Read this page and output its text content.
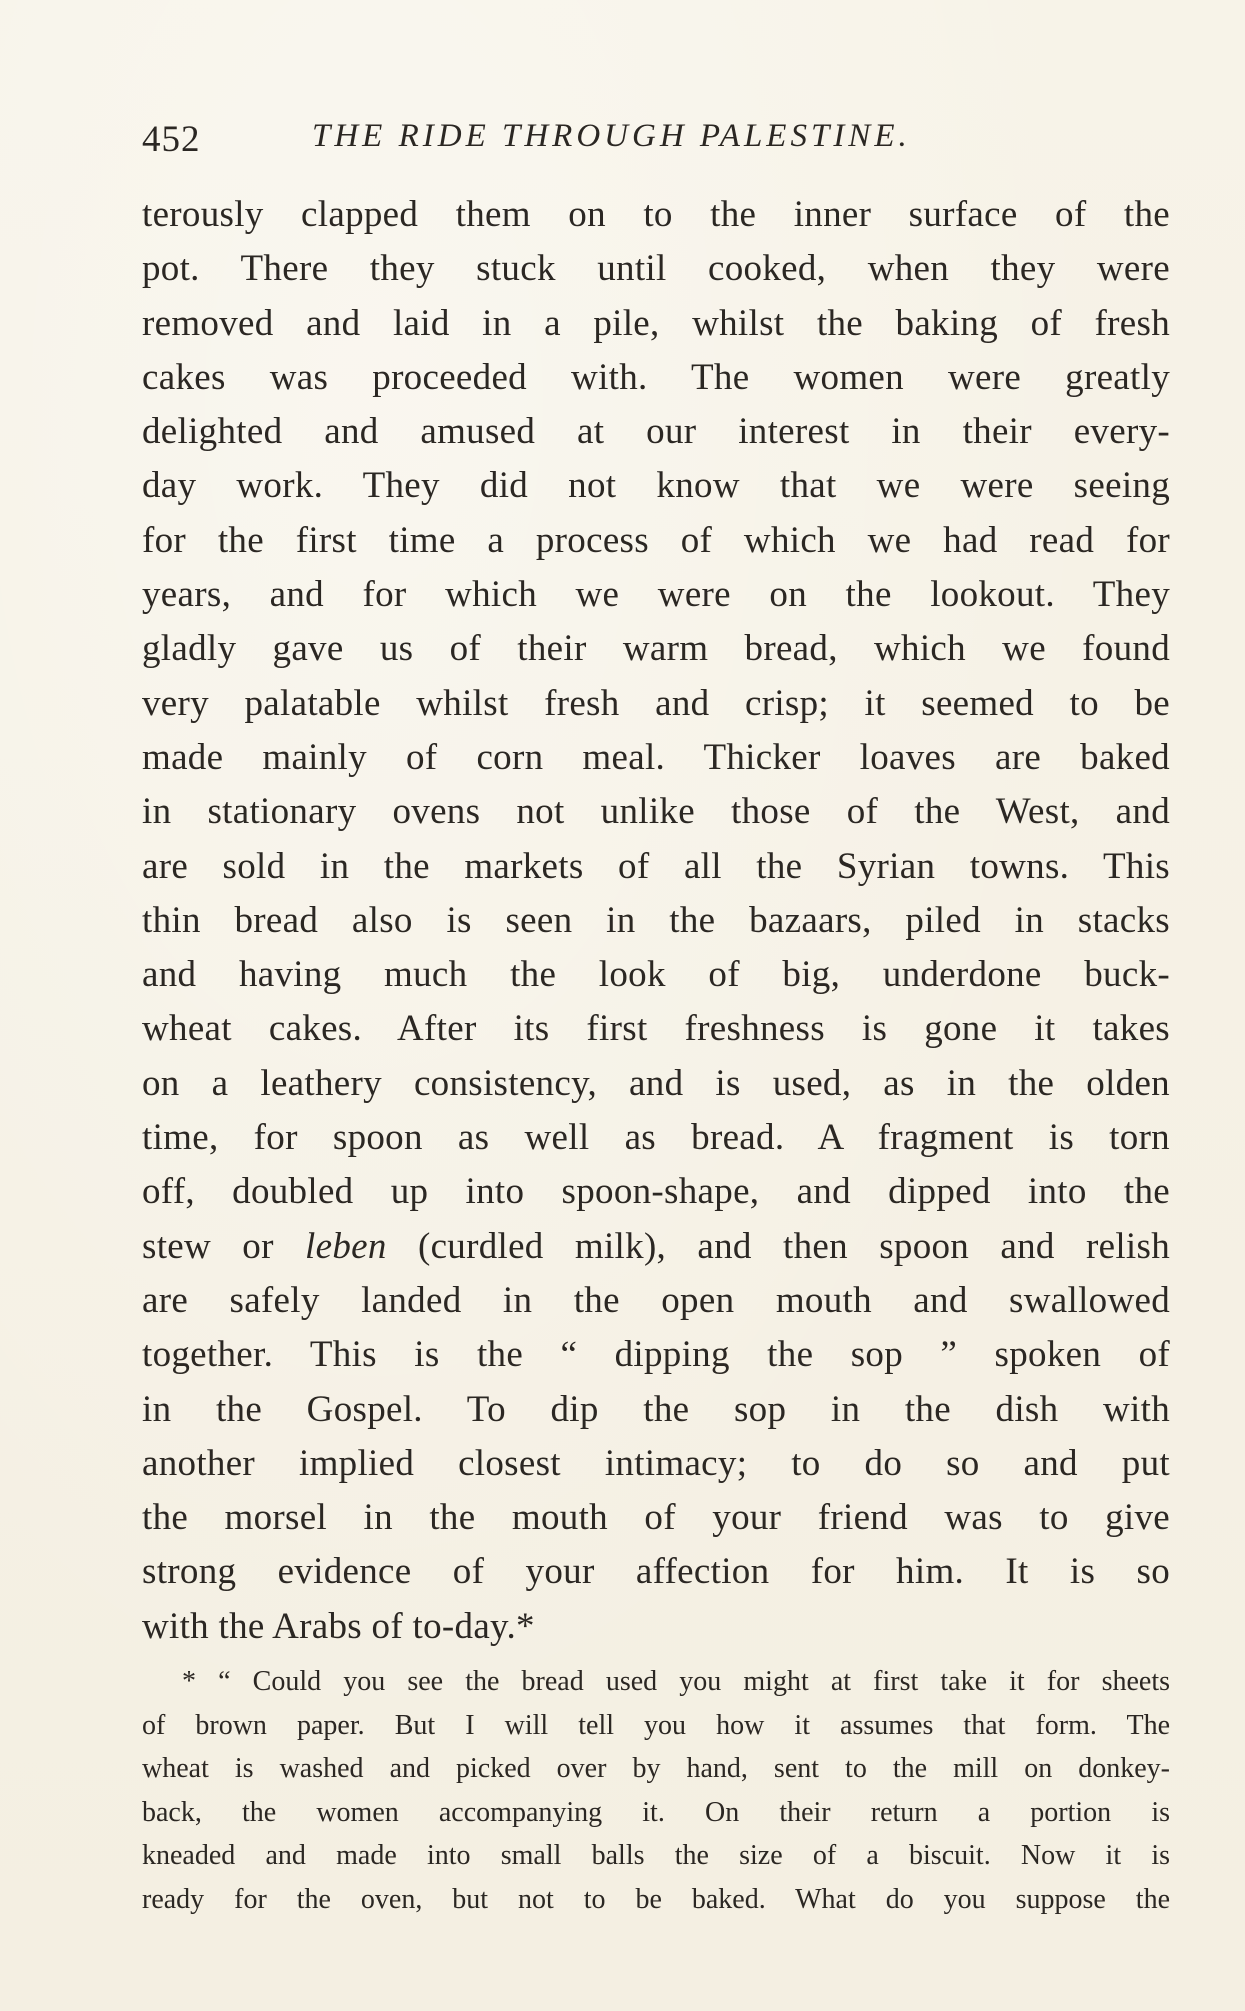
452	THE RIDE THROUGH PALESTINE.
terously clapped them on to the inner surface of the
pot. There they stuck until cooked, when they were
removed and laid in a pile, whilst the baking of fresh
cakes was proceeded with. The women were greatly
delighted and amused at our interest in their every-
day work. They did not know that we were seeing
for the first time a process of which we had read for
years, and for which we were on the lookout. They
gladly gave us of their warm bread, which we found
very palatable whilst fresh and crisp; it seemed to be
made mainly of corn meal. Thicker loaves are baked
in stationary ovens not unlike those of the West, and
are sold in the markets of all the Syrian towns. This
thin bread also is seen in the bazaars, piled in stacks
and having much the look of big, underdone buck-
wheat cakes. After its first freshness is gone it takes
on a leathery consistency, and is used, as in the olden
time, for spoon as well as bread. A fragment is torn
off, doubled up into spoon-shape, and dipped into the
stew or leben (curdled milk), and then spoon and relish
are safely landed in the open mouth and swallowed
together. This is the “ dipping the sop ” spoken of
in the Gospel. To dip the sop in the dish with
another implied closest intimacy; to do so and put
the morsel in the mouth of your friend was to give
strong evidence of your affection for him. It is so
with the Arabs of to-day.*
* “ Could you see the bread used you might at first take it for sheets
of brown paper. But I will tell you how it assumes that form. The
wheat is washed and picked over by hand, sent to the mill on donkey-
back, the women accompanying it. On their return a portion is
kneaded and made into small balls the size of a biscuit. Now it is
ready for the oven, but not to be baked. What do you suppose the
